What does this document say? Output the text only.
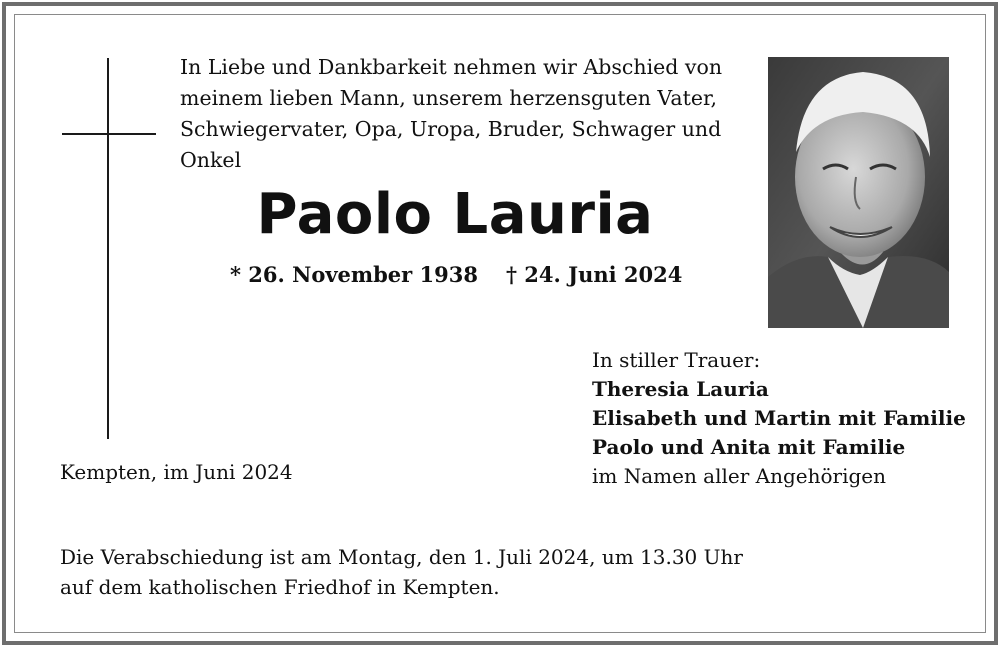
In Liebe und Dankbarkeit nehmen wir Abschied von
meinem lieben Mann, unserem herzensguten Vater,
Schwiegervater, Opa, Uropa, Bruder, Schwager und
Onkel
Paolo Lauria
* 26. November 1938 † 24. Juni 2024
In stiller Trauer:
Theresia Lauria
Elisabeth und Martin mit Familie
Paolo und Anita mit Familie
im Namen aller Angehörigen
Kempten, im Juni 2024
Die Verabschiedung ist am Montag, den 1. Juli 2024, um 13.30 Uhr
auf dem katholischen Friedhof in Kempten.
